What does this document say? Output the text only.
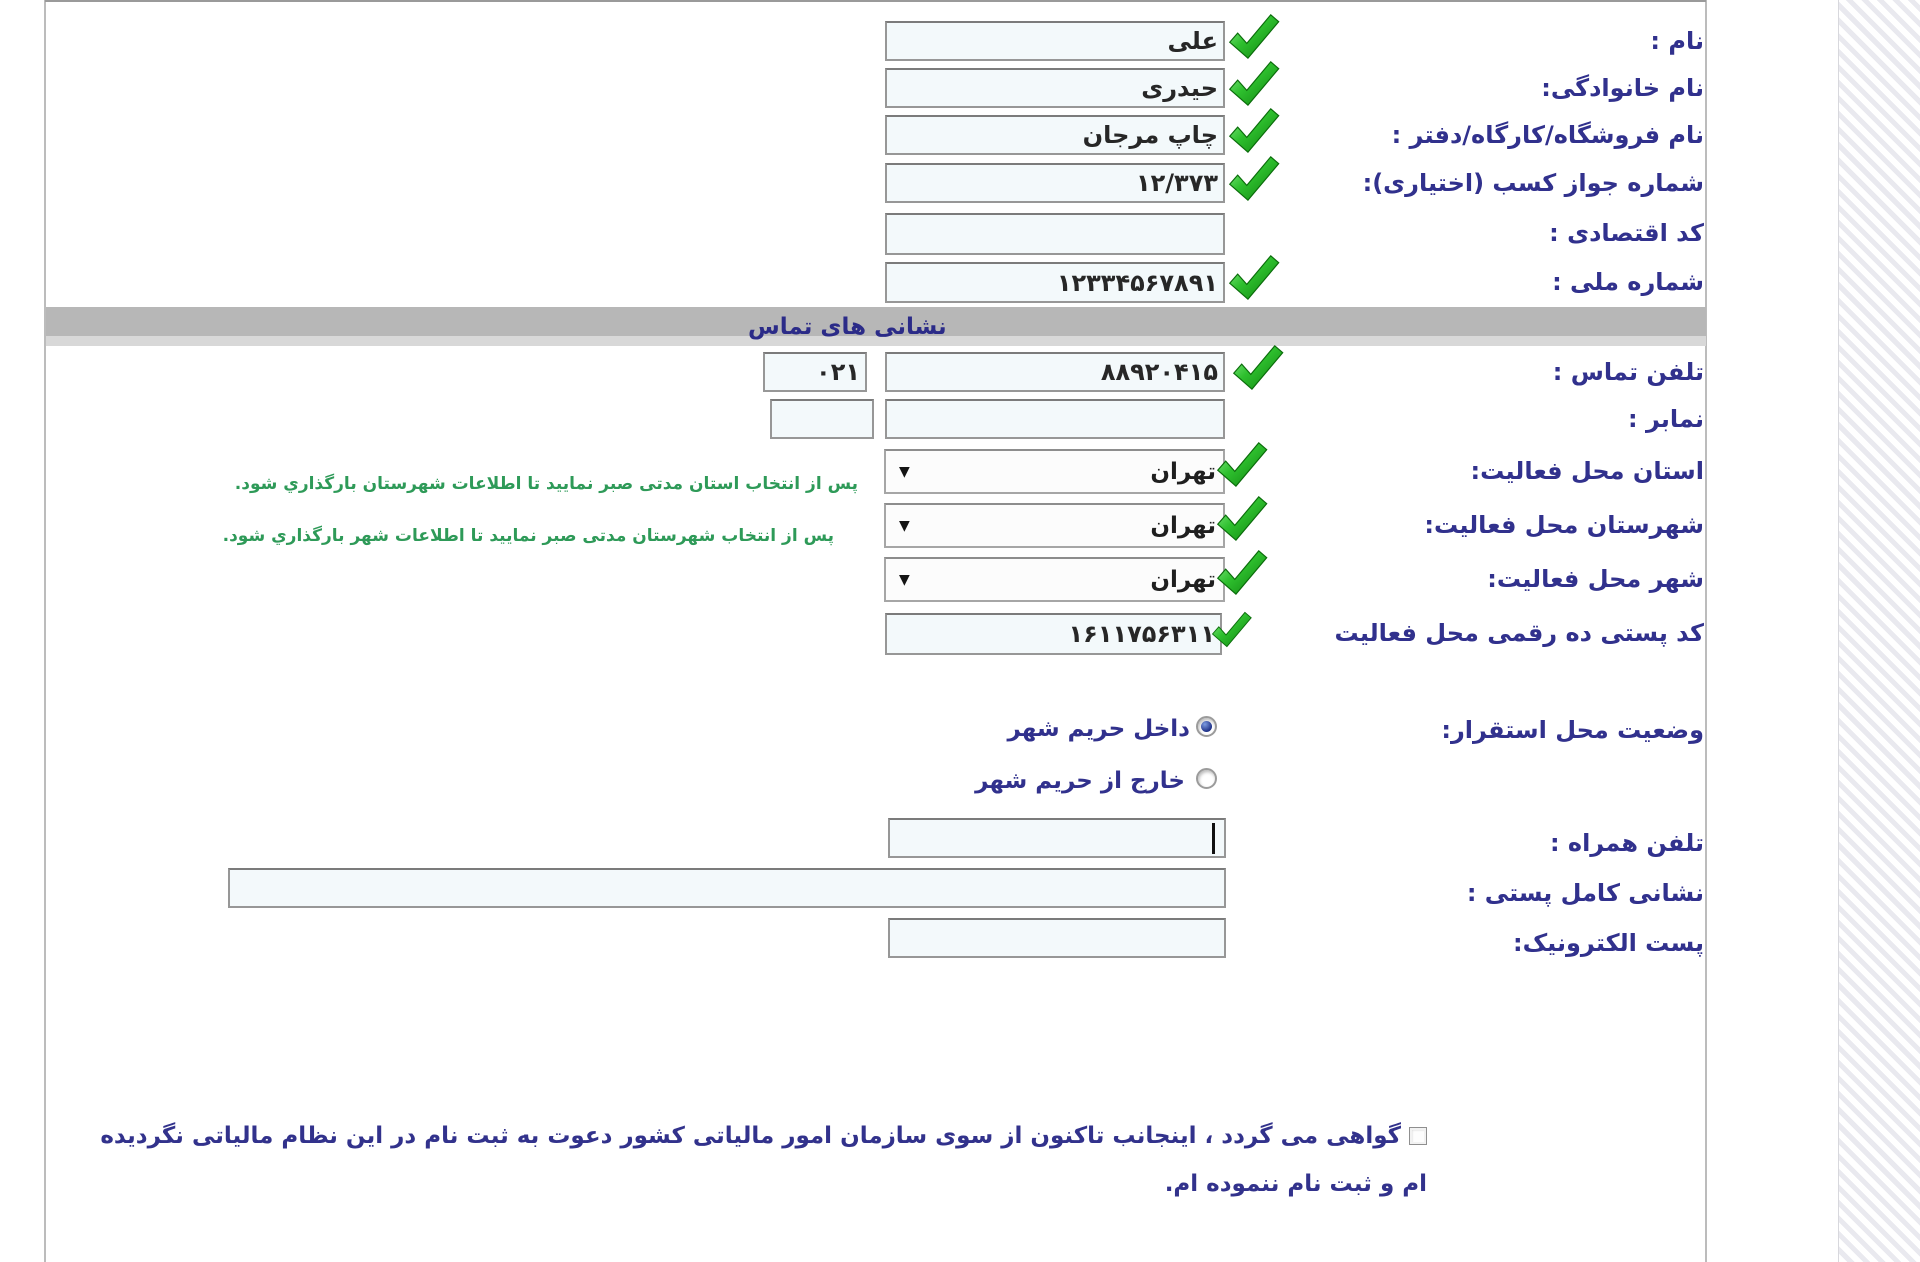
نام :
علی
نام خانوادگی:
حیدری
نام فروشگاه/کارگاه/دفتر :
چاپ مرجان
شماره جواز کسب (اختیاری):
۱۲/۳۷۳
کد اقتصادی :
شماره ملی :
۱۲۳۳۴۵۶۷۸۹۱
نشانی های تماس
تلفن تماس :
۸۸۹۲۰۴۱۵
۰۲۱
نمابر :
استان محل فعالیت:
▼	تهران
پس از انتخاب استان مدتی صبر نمایید تا اطلاعات شهرستان بارگذاري شود.
شهرستان محل فعالیت:
▼	تهران
پس از انتخاب شهرستان مدتی صبر نمایید تا اطلاعات شهر بارگذاري شود.
شهر محل فعالیت:
▼	تهران
کد پستی ده رقمی محل فعالیت
۱۶۱۱۷۵۶۳۱۱
وضعیت محل استقرار:
داخل حریم شهر
خارج از حریم شهر
تلفن همراه :
نشانی کامل پستی :
پست الکترونیک:
گواهی می گردد ، اینجانب تاکنون از سوی سازمان امور مالیاتی کشور دعوت به ثبت نام در این نظام مالیاتی نگردیده ام و ثبت نام ننموده ام.
